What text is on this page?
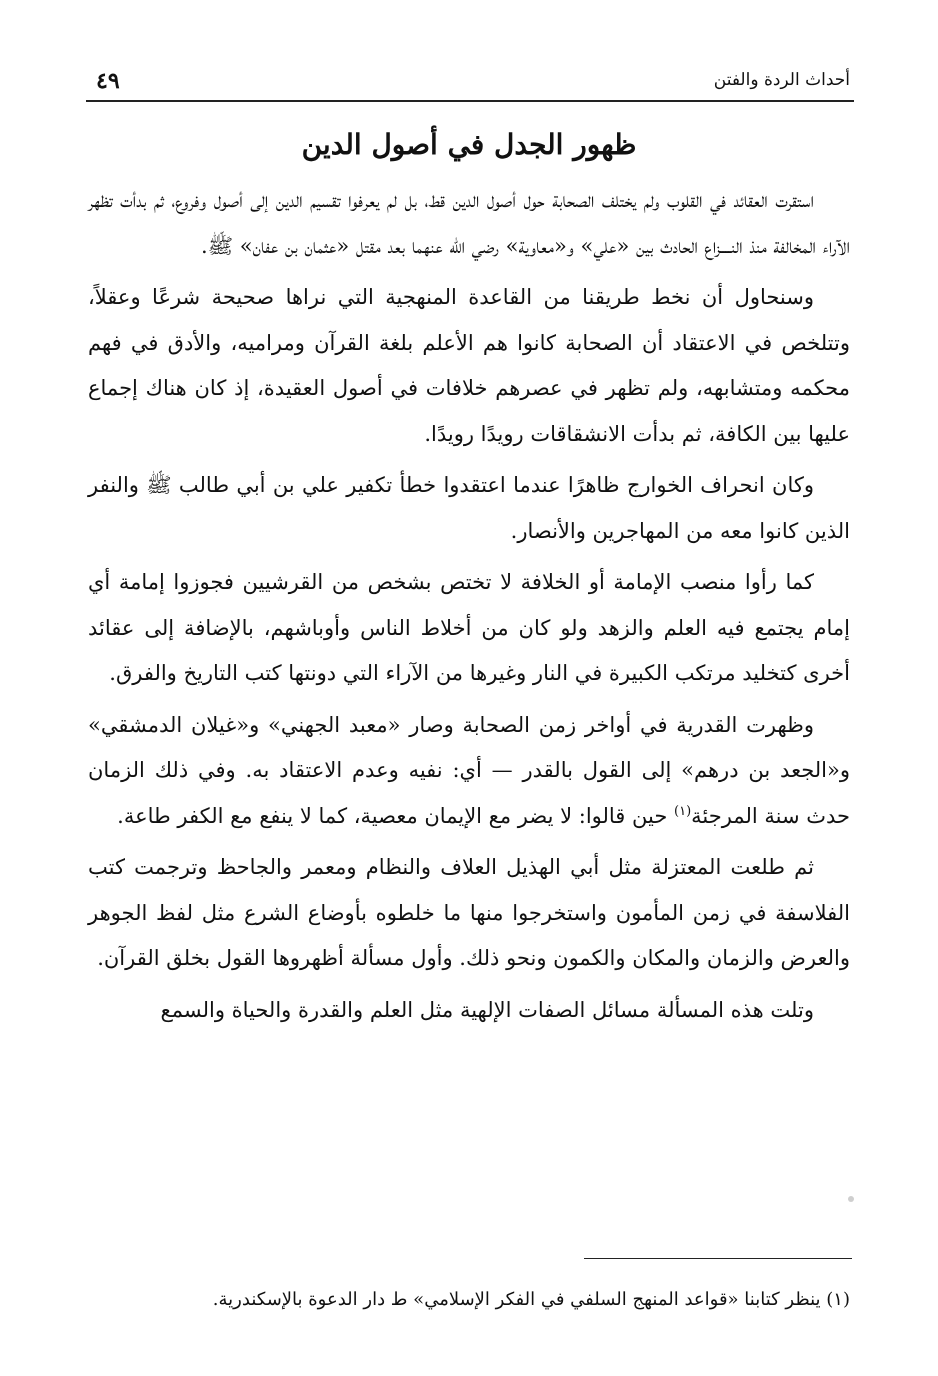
أحداث الردة والفتن
٤٩
ظهور الجدل في أصول الدين

استقرت العقائد في القلوب ولم يختلف الصحابة حول أصول الدين قط، بل لم يعرفوا تقسيم الدين إلى أصول وفروع، ثم بدأت تظهر الآراء المخالفة منذ النــــزاع الحادث بين «علي» و«معاوية» رضي الله عنهما بعد مقتل «عثمان بن عفان» ﷺ.

وسنحاول أن نخط طريقنا من القاعدة المنهجية التي نراها صحيحة شرعًا وعقلاً، وتتلخص في الاعتقاد أن الصحابة كانوا هم الأعلم بلغة القرآن ومراميه، والأدق في فهم محكمه ومتشابهه، ولم تظهر في عصرهم خلافات في أصول العقيدة، إذ كان هناك إجماع عليها بين الكافة، ثم بدأت الانشقاقات رويدًا رويدًا.

وكان انحراف الخوارج ظاهرًا عندما اعتقدوا خطأ تكفير علي بن أبي طالب ﷺ والنفر الذين كانوا معه من المهاجرين والأنصار.

كما رأوا منصب الإمامة أو الخلافة لا تختص بشخص من القرشيين فجوزوا إمامة أي إمام يجتمع فيه العلم والزهد ولو كان من أخلاط الناس وأوباشهم، بالإضافة إلى عقائد أخرى كتخليد مرتكب الكبيرة في النار وغيرها من الآراء التي دونتها كتب التاريخ والفرق.

وظهرت القدرية في أواخر زمن الصحابة وصار «معبد الجهني» و«غيلان الدمشقي» و«الجعد بن درهم» إلى القول بالقدر — أي: نفيه وعدم الاعتقاد به. وفي ذلك الزمان حدث سنة المرجئة$^{(١)}$ حين قالوا: لا يضر مع الإيمان معصية، كما لا ينفع مع الكفر طاعة.

ثم طلعت المعتزلة مثل أبي الهذيل العلاف والنظام ومعمر والجاحظ وترجمت كتب الفلاسفة في زمن المأمون واستخرجوا منها ما خلطوه بأوضاع الشرع مثل لفظ الجوهر والعرض والزمان والمكان والكمون ونحو ذلك. وأول مسألة أظهروها القول بخلق القرآن.

وتلت هذه المسألة مسائل الصفات الإلهية مثل العلم والقدرة والحياة والسمع

(١) ينظر كتابنا «قواعد المنهج السلفي في الفكر الإسلامي» ط دار الدعوة بالإسكندرية.
